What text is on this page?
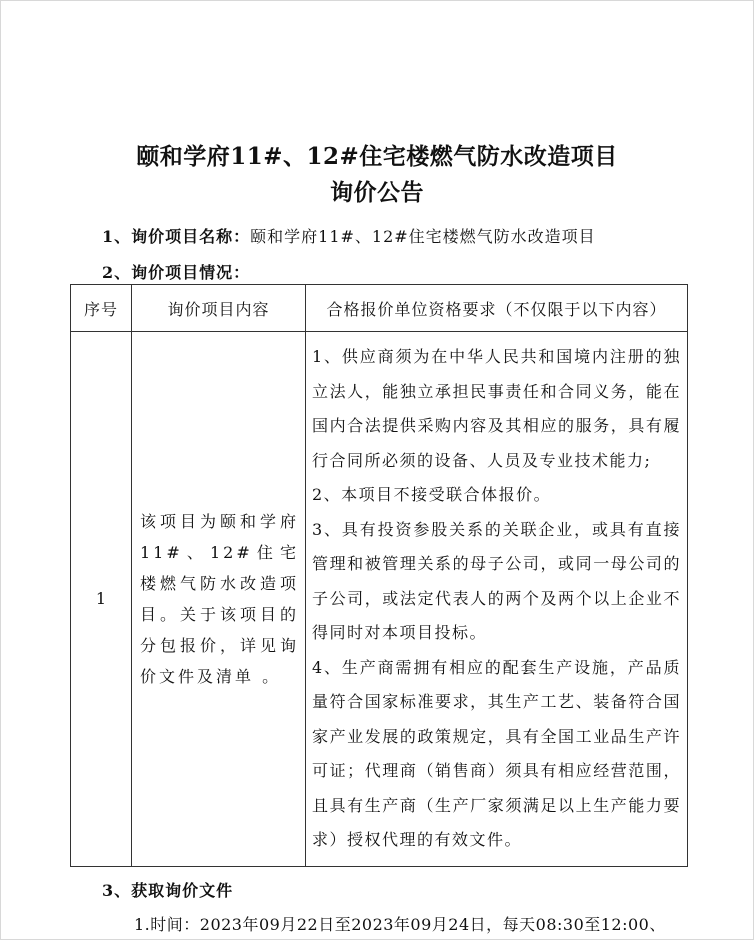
颐和学府11#、12#住宅楼燃气防水改造项目
询价公告
1、询价项目名称：颐和学府11#、12#住宅楼燃气防水改造项目
2、询价项目情况：
序号	询价项目内容	合格报价单位资格要求（不仅限于以下内容）
1	该项目为颐和学府11#、12#住宅楼燃气防水改造项目。关于该项目的分包报价，详见询价文件及清单 。	1、供应商须为在中华人民共和国境内注册的独立法人，能独立承担民事责任和合同义务，能在国内合法提供采购内容及其相应的服务，具有履行合同所必须的设备、人员及专业技术能力;

2、本项目不接受联合体报价。

3、具有投资参股关系的关联企业，或具有直接管理和被管理关系的母子公司，或同一母公司的子公司，或法定代表人的两个及两个以上企业不得同时对本项目投标。

4、生产商需拥有相应的配套生产设施，产品质量符合国家标准要求，其生产工艺、装备符合国家产业发展的政策规定，具有全国工业品生产许可证；代理商（销售商）须具有相应经营范围，且具有生产商（生产厂家须满足以上生产能力要求）授权代理的有效文件。

3、获取询价文件
1.时间：2023年09月22日至2023年09月24日，每天08:30至12:00、
